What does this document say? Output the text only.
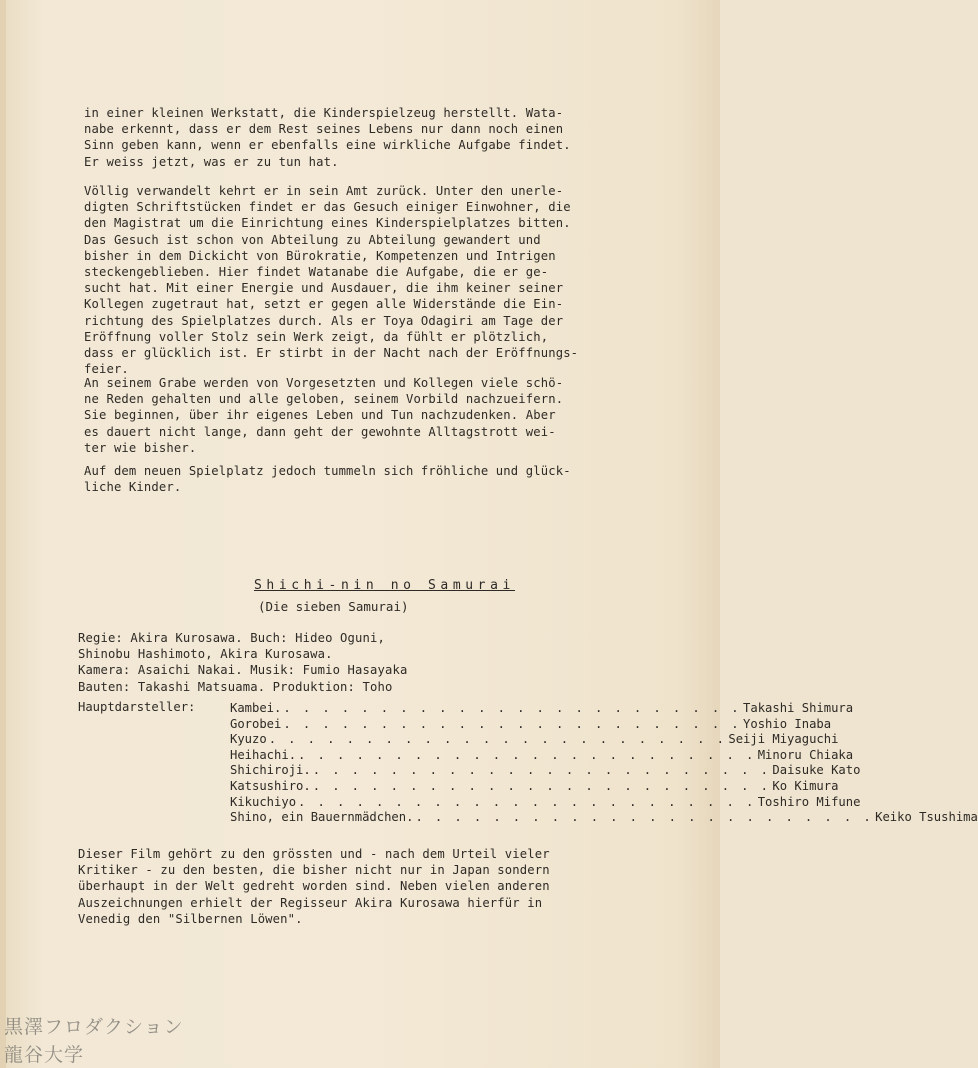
in einer kleinen Werkstatt, die Kinderspielzeug herstellt. Wata-
nabe erkennt, dass er dem Rest seines Lebens nur dann noch einen
Sinn geben kann, wenn er ebenfalls eine wirkliche Aufgabe findet.
Er weiss jetzt, was er zu tun hat.
Völlig verwandelt kehrt er in sein Amt zurück. Unter den unerle-
digten Schriftstücken findet er das Gesuch einiger Einwohner, die
den Magistrat um die Einrichtung eines Kinderspielplatzes bitten.
Das Gesuch ist schon von Abteilung zu Abteilung gewandert und
bisher in dem Dickicht von Bürokratie, Kompetenzen und Intrigen
steckengeblieben. Hier findet Watanabe die Aufgabe, die er ge-
sucht hat. Mit einer Energie und Ausdauer, die ihm keiner seiner
Kollegen zugetraut hat, setzt er gegen alle Widerstände die Ein-
richtung des Spielplatzes durch. Als er Toya Odagiri am Tage der
Eröffnung voller Stolz sein Werk zeigt, da fühlt er plötzlich,
dass er glücklich ist. Er stirbt in der Nacht nach der Eröffnungs-
feier.
An seinem Grabe werden von Vorgesetzten und Kollegen viele schö-
ne Reden gehalten und alle geloben, seinem Vorbild nachzueifern.
Sie beginnen, über ihr eigenes Leben und Tun nachzudenken. Aber
es dauert nicht lange, dann geht der gewohnte Alltagstrott wei-
ter wie bisher.
Auf dem neuen Spielplatz jedoch tummeln sich fröhliche und glück-
liche Kinder.
Shichi-nin no Samurai
(Die sieben Samurai)
Regie: Akira Kurosawa. Buch: Hideo Oguni,
Shinobu Hashimoto, Akira Kurosawa.
Kamera: Asaichi Nakai. Musik: Fumio Hasayaka
Bauten: Takashi Matsuama. Produktion: Toho
Hauptdarsteller:	Kambei. . . . . . . . . . . . . . . . . . . . . . . . . Takashi Shimura
Gorobei . . . . . . . . . . . . . . . . . . . . . . . . Yoshio Inaba
Kyuzo . . . . . . . . . . . . . . . . . . . . . . . . Seiji Miyaguchi
Heihachi. . . . . . . . . . . . . . . . . . . . . . . . . Minoru Chiaka
Shichiroji. . . . . . . . . . . . . . . . . . . . . . . . . Daisuke Kato
Katsushiro. . . . . . . . . . . . . . . . . . . . . . . . . Ko Kimura
Kikuchiyo . . . . . . . . . . . . . . . . . . . . . . . . Toshiro Mifune
Shino, ein Bauernmädchen. . . . . . . . . . . . . . . . . . . . . . . . . Keiko Tsushima
Dieser Film gehört zu den grössten und - nach dem Urteil vieler
Kritiker - zu den besten, die bisher nicht nur in Japan sondern
überhaupt in der Welt gedreht worden sind. Neben vielen anderen
Auszeichnungen erhielt der Regisseur Akira Kurosawa hierfür in
Venedig den "Silbernen Löwen".
黒澤フロダクション
龍谷大学
